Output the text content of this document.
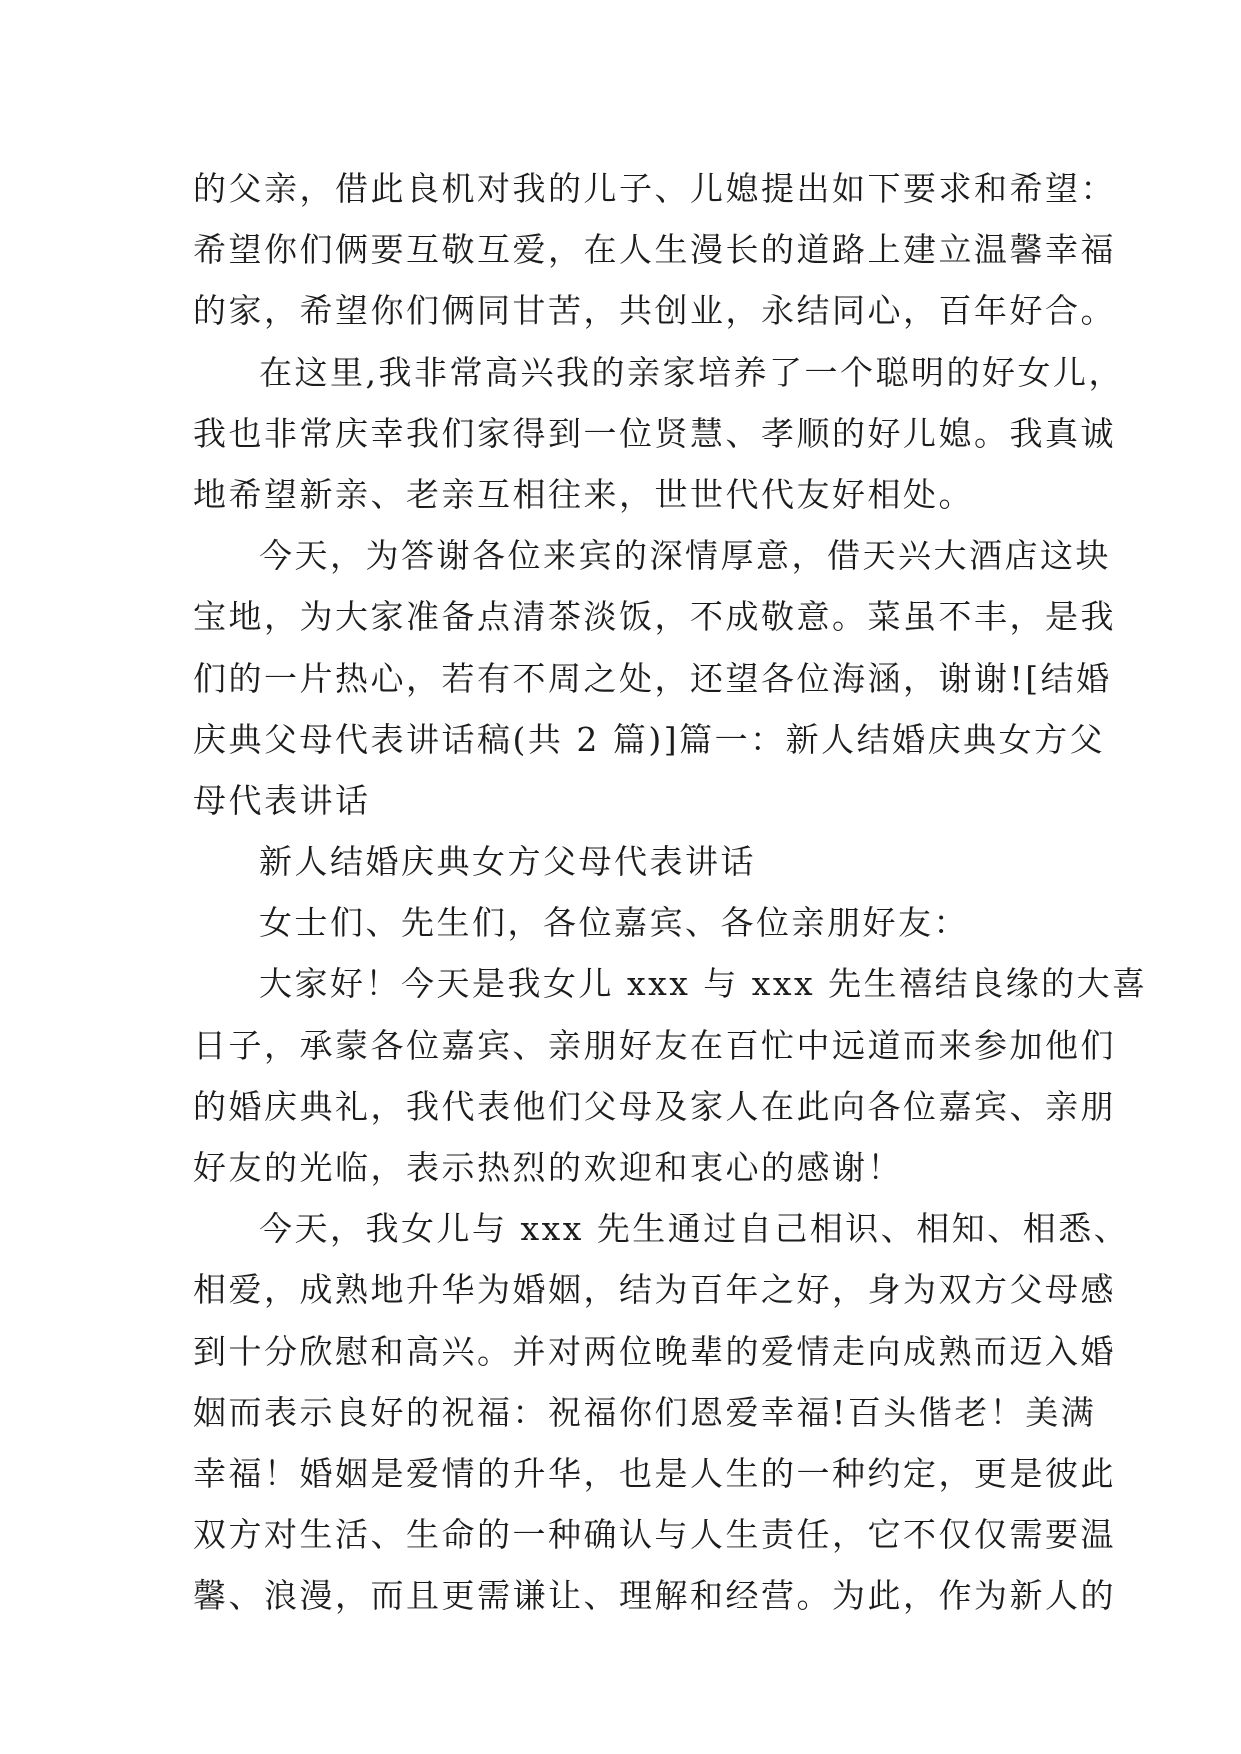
的父亲，借此良机对我的儿子、儿媳提出如下要求和希望：
希望你们俩要互敬互爱，在人生漫长的道路上建立温馨幸福
的家，希望你们俩同甘苦，共创业，永结同心，百年好合。
在这里,我非常高兴我的亲家培养了一个聪明的好女儿，
我也非常庆幸我们家得到一位贤慧、孝顺的好儿媳。我真诚
地希望新亲、老亲互相往来，世世代代友好相处。
今天，为答谢各位来宾的深情厚意，借天兴大酒店这块
宝地，为大家准备点清茶淡饭，不成敬意。菜虽不丰，是我
们的一片热心，若有不周之处，还望各位海涵，谢谢![结婚
庆典父母代表讲话稿(共 2 篇)]篇一：新人结婚庆典女方父
母代表讲话
新人结婚庆典女方父母代表讲话
女士们、先生们，各位嘉宾、各位亲朋好友：
大家好！今天是我女儿 xxx 与 xxx 先生禧结良缘的大喜
日子，承蒙各位嘉宾、亲朋好友在百忙中远道而来参加他们
的婚庆典礼，我代表他们父母及家人在此向各位嘉宾、亲朋
好友的光临，表示热烈的欢迎和衷心的感谢！
今天，我女儿与 xxx 先生通过自己相识、相知、相悉、
相爱，成熟地升华为婚姻，结为百年之好，身为双方父母感
到十分欣慰和高兴。并对两位晚辈的爱情走向成熟而迈入婚
姻而表示良好的祝福：祝福你们恩爱幸福!百头偕老！美满
幸福！婚姻是爱情的升华，也是人生的一种约定，更是彼此
双方对生活、生命的一种确认与人生责任，它不仅仅需要温
馨、浪漫，而且更需谦让、理解和经营。为此，作为新人的
